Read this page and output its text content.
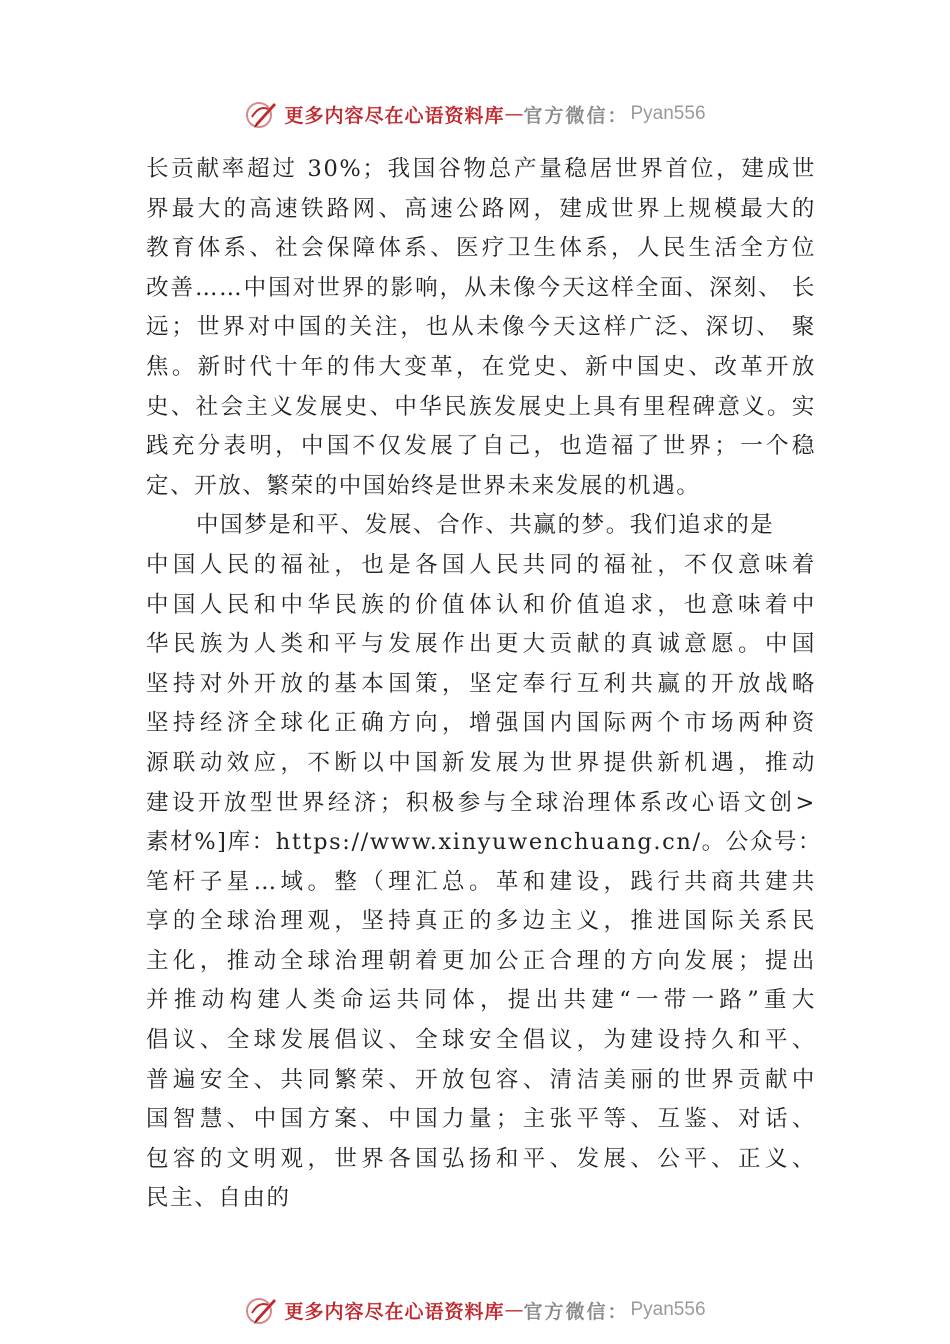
更多内容尽在心语资料库 — 官方微信： Pyan556
长贡献率超过 30%；我国谷物总产量稳居世界首位，建成世
界最大的高速铁路网、高速公路网，建成世界上规模最大的
教育体系、社会保障体系、医疗卫生体系，人民生活全方位
改善……中国对世界的影响，从未像今天这样全面、深刻、 长
远；世界对中国的关注，也从未像今天这样广泛、深切、 聚
焦。新时代十年的伟大变革，在党史、新中国史、改革开放
史、社会主义发展史、中华民族发展史上具有里程碑意义。实
践充分表明，中国不仅发展了自己，也造福了世界；一个稳
定、开放、繁荣的中国始终是世界未来发展的机遇。
中国梦是和平、发展、合作、共赢的梦。我们追求的是
中国人民的福祉，也是各国人民共同的福祉，不仅意味着
中国人民和中华民族的价值体认和价值追求，也意味着中
华民族为人类和平与发展作出更大贡献的真诚意愿。中国
坚持对外开放的基本国策，坚定奉行互利共赢的开放战略
坚持经济全球化正确方向，增强国内国际两个市场两种资
源联动效应，不断以中国新发展为世界提供新机遇，推动
建设开放型世界经济；积极参与全球治理体系改心语文创>
素材%]库：https://www.xinyuwenchuang.cn/。公众号：
笔杆子星…域。整（理汇总。革和建设，践行共商共建共
享的全球治理观，坚持真正的多边主义，推进国际关系民
主化，推动全球治理朝着更加公正合理的方向发展；提出
并推动构建人类命运共同体，提出共建“一带一路”重大
倡议、全球发展倡议、全球安全倡议，为建设持久和平、
普遍安全、共同繁荣、开放包容、清洁美丽的世界贡献中
国智慧、中国方案、中国力量；主张平等、互鉴、对话、
包容的文明观，世界各国弘扬和平、发展、公平、正义、
民主、自由的
更多内容尽在心语资料库 — 官方微信： Pyan556
